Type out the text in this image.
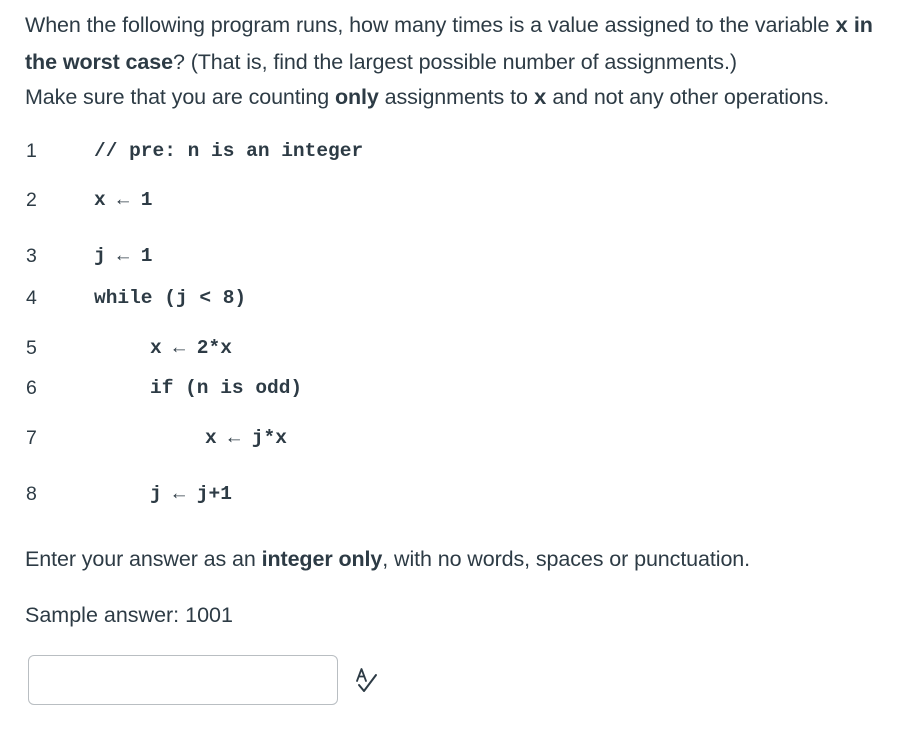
When the following program runs, how many times is a value assigned to the variable x in the worst case? (That is, find the largest possible number of assignments.)

Make sure that you are counting only assignments to x and not any other operations.

1	// pre: n is an integer
2	x ← 1
3	j ← 1
4	while (j < 8)
5	x ← 2*x
6	if (n is odd)
7	x ← j*x
8	j ← j+1
Enter your answer as an integer only, with no words, spaces or punctuation.
Sample answer: 1001
